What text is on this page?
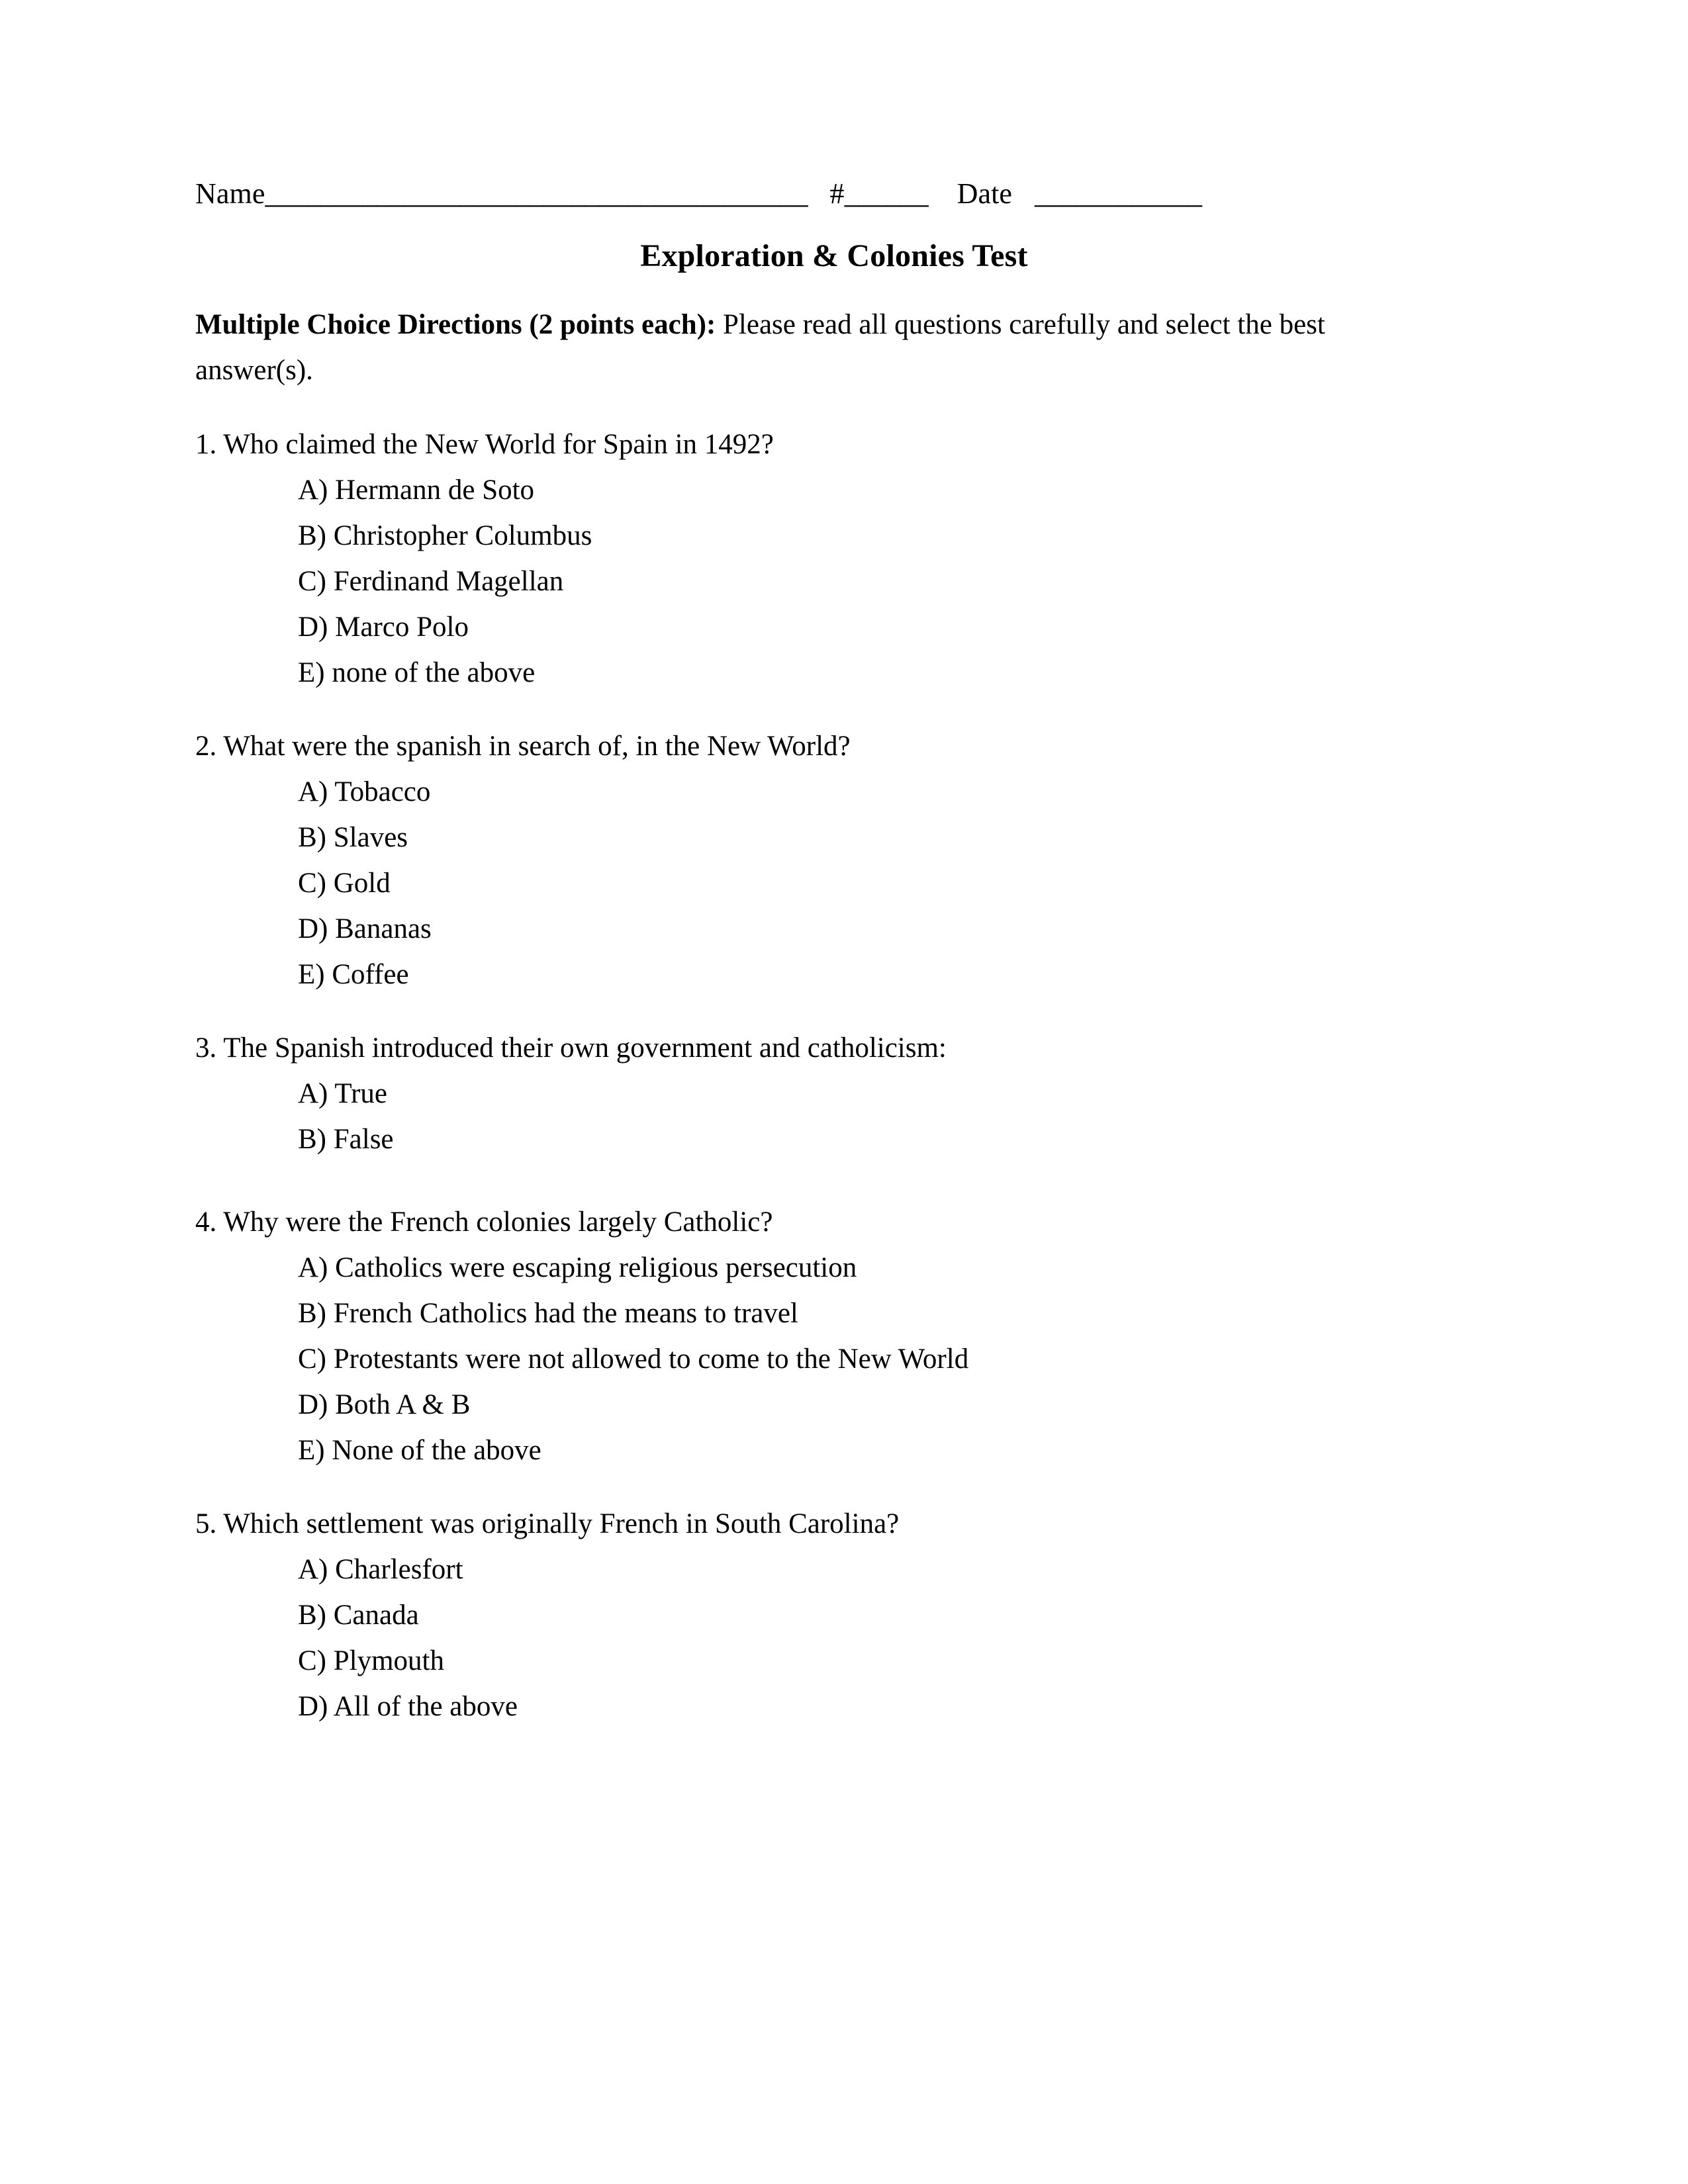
Name_______________________________________ #______ Date ____________
Exploration & Colonies Test

Multiple Choice Directions (2 points each): Please read all questions carefully and select the best answer(s).

1. Who claimed the New World for Spain in 1492?
A) Hermann de Soto
B) Christopher Columbus
C) Ferdinand Magellan
D) Marco Polo
E) none of the above
2. What were the spanish in search of, in the New World?
A) Tobacco
B) Slaves
C) Gold
D) Bananas
E) Coffee
3. The Spanish introduced their own government and catholicism:
A) True
B) False
4. Why were the French colonies largely Catholic?
A) Catholics were escaping religious persecution
B) French Catholics had the means to travel
C) Protestants were not allowed to come to the New World
D) Both A & B
E) None of the above
5. Which settlement was originally French in South Carolina?
A) Charlesfort
B) Canada
C) Plymouth
D) All of the above
